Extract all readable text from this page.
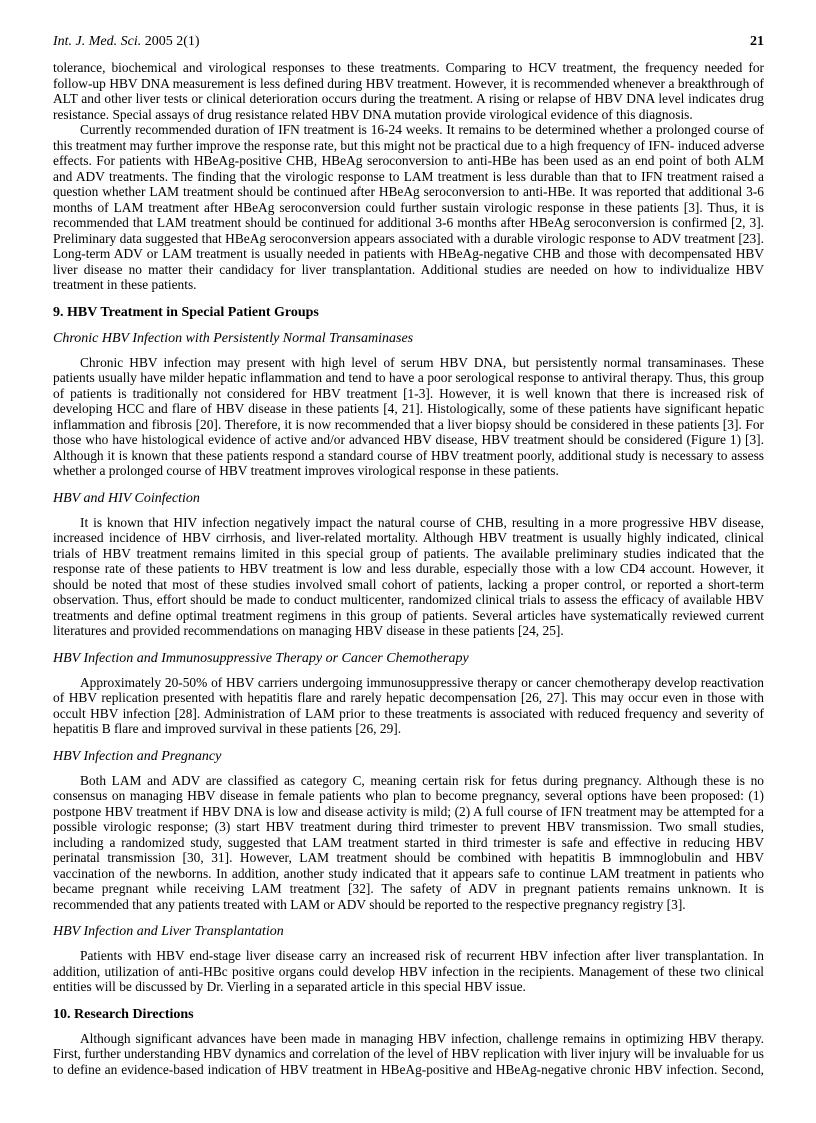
Int. J. Med. Sci. 2005 2(1)	21
tolerance, biochemical and virological responses to these treatments. Comparing to HCV treatment, the frequency needed for
follow-up HBV DNA measurement is less defined during HBV treatment. However, it is recommended whenever a breakthrough of
ALT and other liver tests or clinical deterioration occurs during the treatment. A rising or relapse of HBV DNA level indicates drug
resistance. Special assays of drug resistance related HBV DNA mutation provide virological evidence of this diagnosis.
Currently recommended duration of IFN treatment is 16-24 weeks. It remains to be determined whether a prolonged course of
this treatment may further improve the response rate, but this might not be practical due to a high frequency of IFN- induced adverse
effects. For patients with HBeAg-positive CHB, HBeAg seroconversion to anti-HBe has been used as an end point of both ALM
and ADV treatments. The finding that the virologic response to LAM treatment is less durable than that to IFN treatment raised a
question whether LAM treatment should be continued after HBeAg seroconversion to anti-HBe. It was reported that additional 3-6
months of LAM treatment after HBeAg seroconversion could further sustain virologic response in these patients [3]. Thus, it is
recommended that LAM treatment should be continued for additional 3-6 months after HBeAg seroconversion is confirmed [2, 3].
Preliminary data suggested that HBeAg seroconversion appears associated with a durable virologic response to ADV treatment [23].
Long-term ADV or LAM treatment is usually needed in patients with HBeAg-negative CHB and those with decompensated HBV
liver disease no matter their candidacy for liver transplantation. Additional studies are needed on how to individualize HBV
treatment in these patients.
9. HBV Treatment in Special Patient Groups
Chronic HBV Infection with Persistently Normal Transaminases
Chronic HBV infection may present with high level of serum HBV DNA, but persistently normal transaminases. These
patients usually have milder hepatic inflammation and tend to have a poor serological response to antiviral therapy. Thus, this group
of patients is traditionally not considered for HBV treatment [1-3]. However, it is well known that there is increased risk of
developing HCC and flare of HBV disease in these patients [4, 21]. Histologically, some of these patients have significant hepatic
inflammation and fibrosis [20]. Therefore, it is now recommended that a liver biopsy should be considered in these patients [3]. For
those who have histological evidence of active and/or advanced HBV disease, HBV treatment should be considered (Figure 1) [3].
Although it is known that these patients respond a standard course of HBV treatment poorly, additional study is necessary to assess
whether a prolonged course of HBV treatment improves virological response in these patients.
HBV and HIV Coinfection
It is known that HIV infection negatively impact the natural course of CHB, resulting in a more progressive HBV disease,
increased incidence of HBV cirrhosis, and liver-related mortality. Although HBV treatment is usually highly indicated, clinical
trials of HBV treatment remains limited in this special group of patients. The available preliminary studies indicated that the
response rate of these patients to HBV treatment is low and less durable, especially those with a low CD4 account. However, it
should be noted that most of these studies involved small cohort of patients, lacking a proper control, or reported a short-term
observation. Thus, effort should be made to conduct multicenter, randomized clinical trials to assess the efficacy of available HBV
treatments and define optimal treatment regimens in this group of patients. Several articles have systematically reviewed current
literatures and provided recommendations on managing HBV disease in these patients [24, 25].
HBV Infection and Immunosuppressive Therapy or Cancer Chemotherapy
Approximately 20-50% of HBV carriers undergoing immunosuppressive therapy or cancer chemotherapy develop reactivation
of HBV replication presented with hepatitis flare and rarely hepatic decompensation [26, 27]. This may occur even in those with
occult HBV infection [28]. Administration of LAM prior to these treatments is associated with reduced frequency and severity of
hepatitis B flare and improved survival in these patients [26, 29].
HBV Infection and Pregnancy
Both LAM and ADV are classified as category C, meaning certain risk for fetus during pregnancy. Although these is no
consensus on managing HBV disease in female patients who plan to become pregnancy, several options have been proposed: (1)
postpone HBV treatment if HBV DNA is low and disease activity is mild; (2) A full course of IFN treatment may be attempted for a
possible virologic response; (3) start HBV treatment during third trimester to prevent HBV transmission. Two small studies,
including a randomized study, suggested that LAM treatment started in third trimester is safe and effective in reducing HBV
perinatal transmission [30, 31]. However, LAM treatment should be combined with hepatitis B immnoglobulin and HBV
vaccination of the newborns. In addition, another study indicated that it appears safe to continue LAM treatment in patients who
became pregnant while receiving LAM treatment [32]. The safety of ADV in pregnant patients remains unknown. It is
recommended that any patients treated with LAM or ADV should be reported to the respective pregnancy registry [3].
HBV Infection and Liver Transplantation
Patients with HBV end-stage liver disease carry an increased risk of recurrent HBV infection after liver transplantation. In
addition, utilization of anti-HBc positive organs could develop HBV infection in the recipients. Management of these two clinical
entities will be discussed by Dr. Vierling in a separated article in this special HBV issue.
10. Research Directions
Although significant advances have been made in managing HBV infection, challenge remains in optimizing HBV therapy.
First, further understanding HBV dynamics and correlation of the level of HBV replication with liver injury will be invaluable for us
to define an evidence-based indication of HBV treatment in HBeAg-positive and HBeAg-negative chronic HBV infection. Second,
